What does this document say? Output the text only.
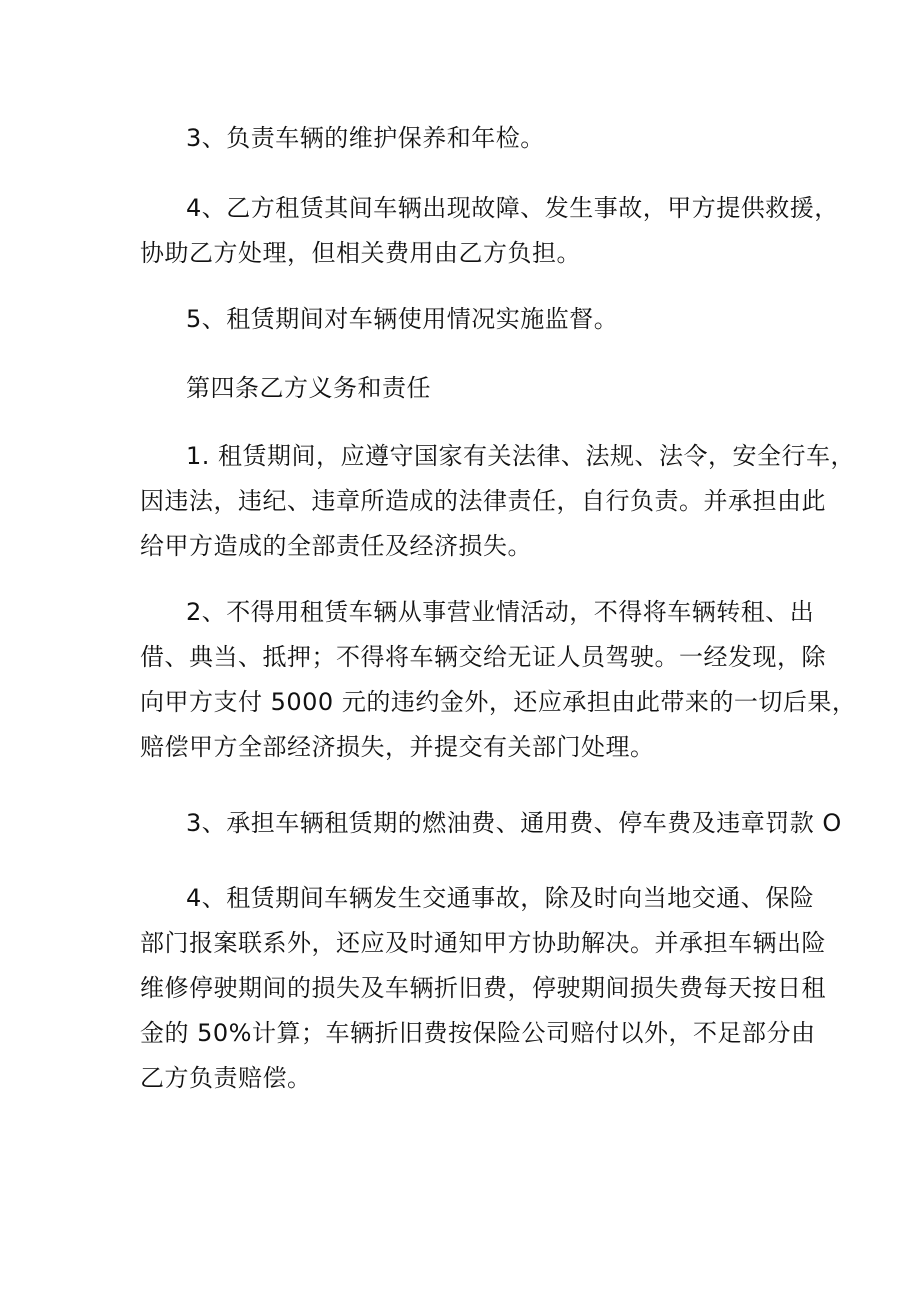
3、负责车辆的维护保养和年检。

4、乙方租赁其间车辆出现故障、发生事故，甲方提供救援，
协助乙方处理，但相关费用由乙方负担。

5、租赁期间对车辆使用情况实施监督。

第四条乙方义务和责任

1. 租赁期间，应遵守国家有关法律、法规、法令，安全行车，
因违法，违纪、违章所造成的法律责任，自行负责。并承担由此
给甲方造成的全部责任及经济损失。

2、不得用租赁车辆从事营业情活动，不得将车辆转租、出
借、典当、抵押；不得将车辆交给无证人员驾驶。一经发现，除
向甲方支付 5000 元的违约金外，还应承担由此带来的一切后果，
赔偿甲方全部经济损失，并提交有关部门处理。

3、承担车辆租赁期的燃油费、通用费、停车费及违章罚款 O

4、租赁期间车辆发生交通事故，除及时向当地交通、保险
部门报案联系外，还应及时通知甲方协助解决。并承担车辆出险
维修停驶期间的损失及车辆折旧费，停驶期间损失费每天按日租
金的 50%计算；车辆折旧费按保险公司赔付以外，不足部分由
乙方负责赔偿。
